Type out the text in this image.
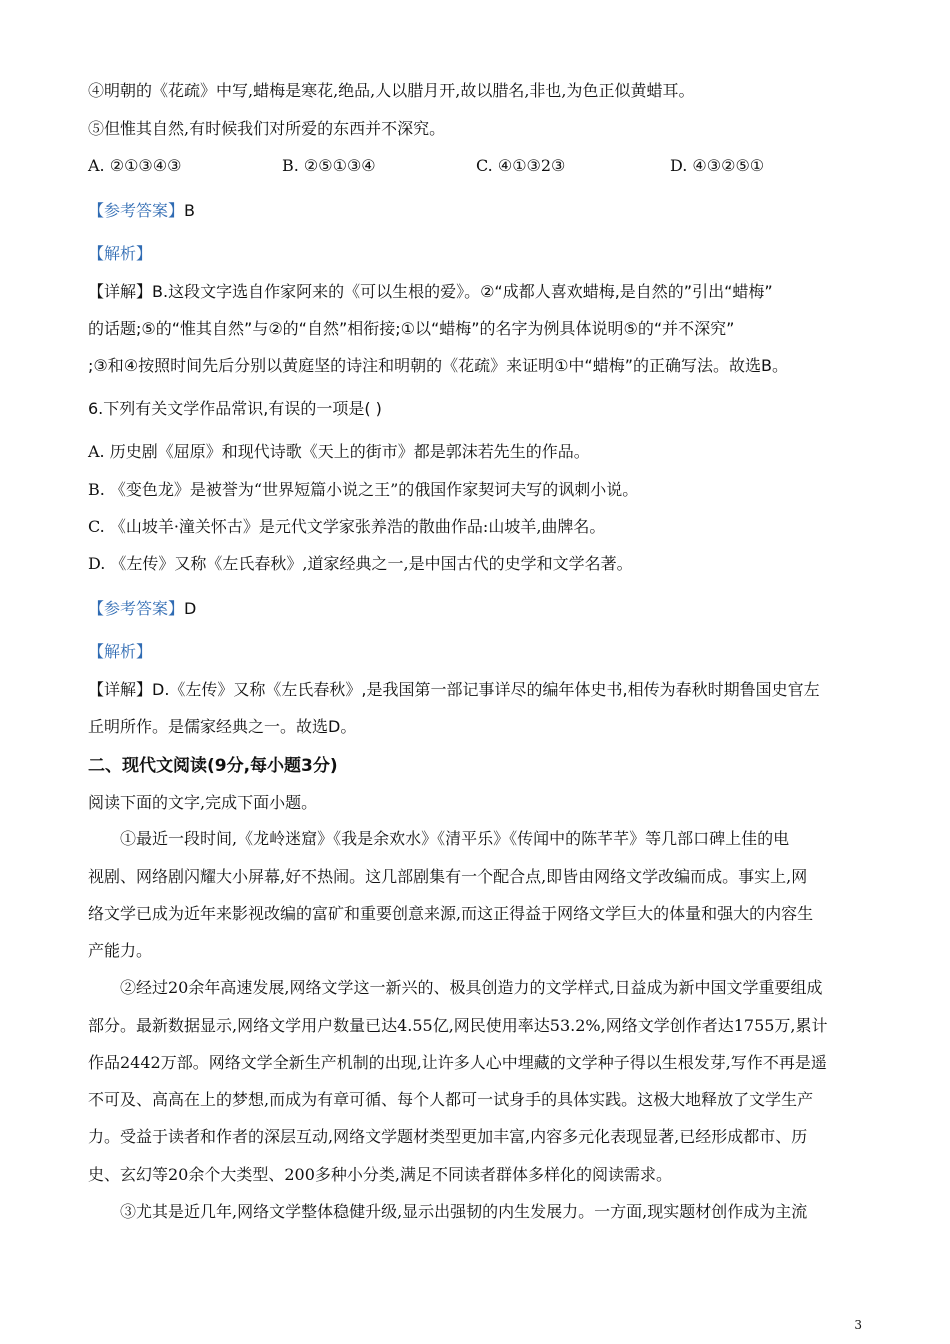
④明朝的《花疏》中写,蜡梅是寒花,绝品,人以腊月开,故以腊名,非也,为色正似黄蜡耳。
⑤但惟其自然,有时候我们对所爱的东西并不深究。
A. ②①③④③	B. ②⑤①③④	C. ④①③2③	D. ④③②⑤①
【参考答案】B
【解析】
【详解】B.这段文字选自作家阿来的《可以生根的爱》。②“成都人喜欢蜡梅,是自然的”引出“蜡梅”
的话题;⑤的“惟其自然”与②的“自然”相衔接;①以“蜡梅”的名字为例具体说明⑤的“并不深究”
;③和④按照时间先后分别以黄庭坚的诗注和明朝的《花疏》来证明①中“蜡梅”的正确写法。故选B。
6.下列有关文学作品常识,有误的一项是( )
A. 历史剧《屈原》和现代诗歌《天上的街市》都是郭沫若先生的作品。
B. 《变色龙》是被誉为“世界短篇小说之王”的俄国作家契诃夫写的讽刺小说。
C. 《山坡羊·潼关怀古》是元代文学家张养浩的散曲作品:山坡羊,曲牌名。
D. 《左传》又称《左氏春秋》,道家经典之一,是中国古代的史学和文学名著。
【参考答案】D
【解析】
【详解】D.《左传》又称《左氏春秋》,是我国第一部记事详尽的编年体史书,相传为春秋时期鲁国史官左
丘明所作。是儒家经典之一。故选D。
二、现代文阅读(9分,每小题3分)
阅读下面的文字,完成下面小题。
①最近一段时间,《龙岭迷窟》《我是余欢水》《清平乐》《传闻中的陈芊芊》等几部口碑上佳的电
视剧、网络剧闪耀大小屏幕,好不热闹。这几部剧集有一个配合点,即皆由网络文学改编而成。事实上,网
络文学已成为近年来影视改编的富矿和重要创意来源,而这正得益于网络文学巨大的体量和强大的内容生
产能力。
②经过20余年高速发展,网络文学这一新兴的、极具创造力的文学样式,日益成为新中国文学重要组成
部分。最新数据显示,网络文学用户数量已达4.55亿,网民使用率达53.2%,网络文学创作者达1755万,累计
作品2442万部。网络文学全新生产机制的出现,让许多人心中埋藏的文学种子得以生根发芽,写作不再是遥
不可及、高高在上的梦想,而成为有章可循、每个人都可一试身手的具体实践。这极大地释放了文学生产
力。受益于读者和作者的深层互动,网络文学题材类型更加丰富,内容多元化表现显著,已经形成都市、历
史、玄幻等20余个大类型、200多种小分类,满足不同读者群体多样化的阅读需求。
③尤其是近几年,网络文学整体稳健升级,显示出强韧的内生发展力。一方面,现实题材创作成为主流
3
